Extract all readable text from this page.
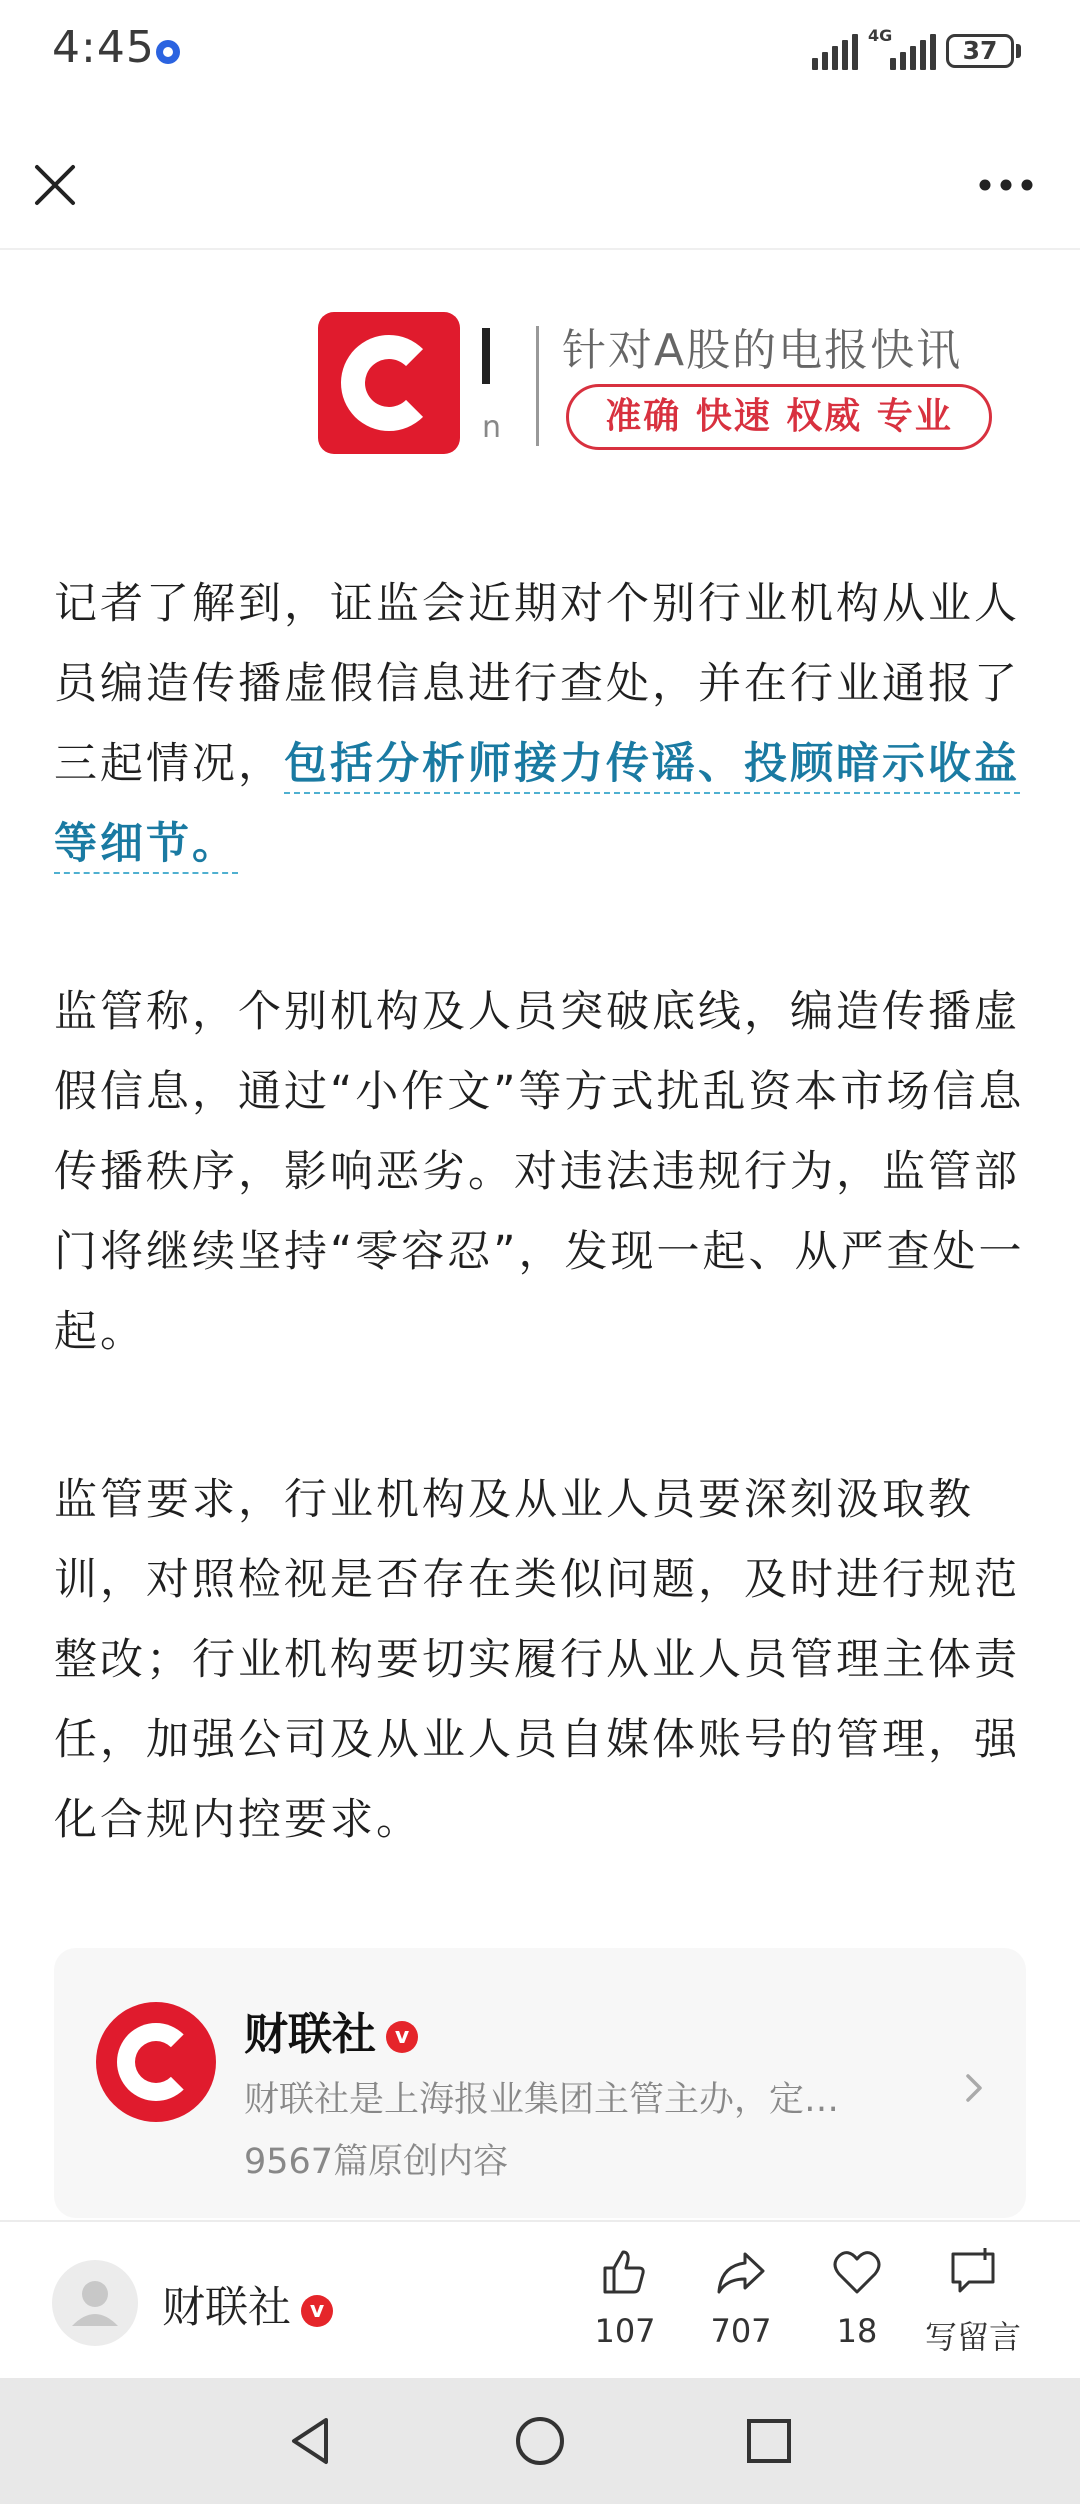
4:45	4G
37
n
针对A股的电报快讯
准确 快速 权威 专业

记者了解到，证监会近期对个别行业机构从业人员编造传播虚假信息进行查处，并在行业通报了三起情况，包括分析师接力传谣、投顾暗示收益等细节。

监管称，个别机构及人员突破底线，编造传播虚假信息，通过“小作文”等方式扰乱资本市场信息传播秩序，影响恶劣。对违法违规行为，监管部门将继续坚持“零容忍”，发现一起、从严查处一起。

监管要求，行业机构及从业人员要深刻汲取教训，对照检视是否存在类似问题，及时进行规范整改；行业机构要切实履行从业人员管理主体责任，加强公司及从业人员自媒体账号的管理，强化合规内控要求。

财联社 v
财联社是上海报业集团主管主办，定…
9567篇原创内容
财联社 v
107	707	18	写留言
